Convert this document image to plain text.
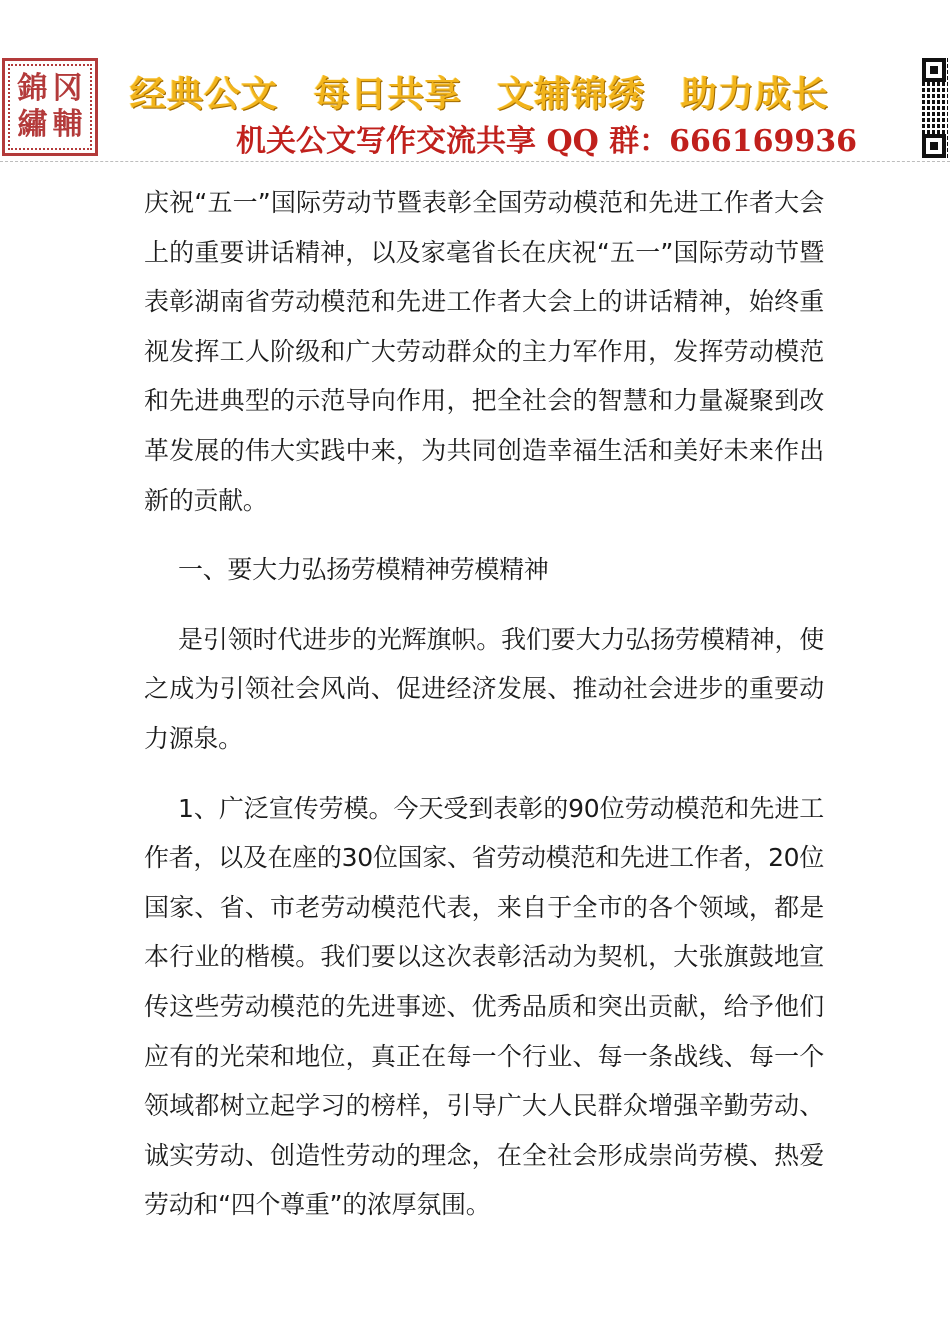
錦 冈
繡 輔
经典公文 每日共享 文辅锦绣 助力成长
机关公文写作交流共享 QQ 群：666169936

庆祝“五一”国际劳动节暨表彰全国劳动模范和先进工作者大会上的重要讲话精神，以及家毫省长在庆祝“五一”国际劳动节暨表彰湖南省劳动模范和先进工作者大会上的讲话精神，始终重视发挥工人阶级和广大劳动群众的主力军作用，发挥劳动模范和先进典型的示范导向作用，把全社会的智慧和力量凝聚到改革发展的伟大实践中来，为共同创造幸福生活和美好未来作出新的贡献。

一、要大力弘扬劳模精神劳模精神

是引领时代进步的光辉旗帜。我们要大力弘扬劳模精神，使之成为引领社会风尚、促进经济发展、推动社会进步的重要动力源泉。

1、广泛宣传劳模。今天受到表彰的90位劳动模范和先进工作者，以及在座的30位国家、省劳动模范和先进工作者，20位国家、省、市老劳动模范代表，来自于全市的各个领域，都是本行业的楷模。我们要以这次表彰活动为契机，大张旗鼓地宣传这些劳动模范的先进事迹、优秀品质和突出贡献，给予他们应有的光荣和地位，真正在每一个行业、每一条战线、每一个领域都树立起学习的榜样，引导广大人民群众增强辛勤劳动、诚实劳动、创造性劳动的理念，在全社会形成崇尚劳模、热爱劳动和“四个尊重”的浓厚氛围。
